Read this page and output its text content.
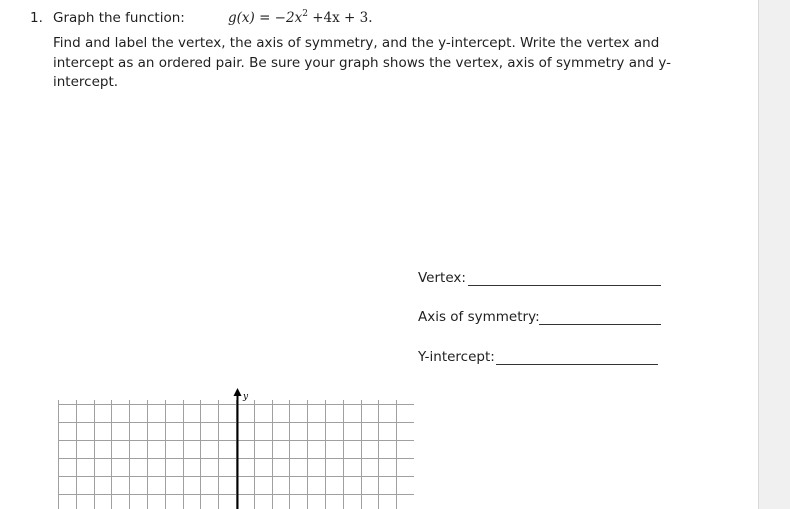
1. Graph the function:	$g(x) = -2x^2 +4x + 3$.
Find and label the vertex, the axis of symmetry, and the y-intercept. Write the vertex and intercept as an ordered pair. Be sure your graph shows the vertex, axis of symmetry and y-intercept.
Vertex:
Axis of symmetry:
Y-intercept:
y
